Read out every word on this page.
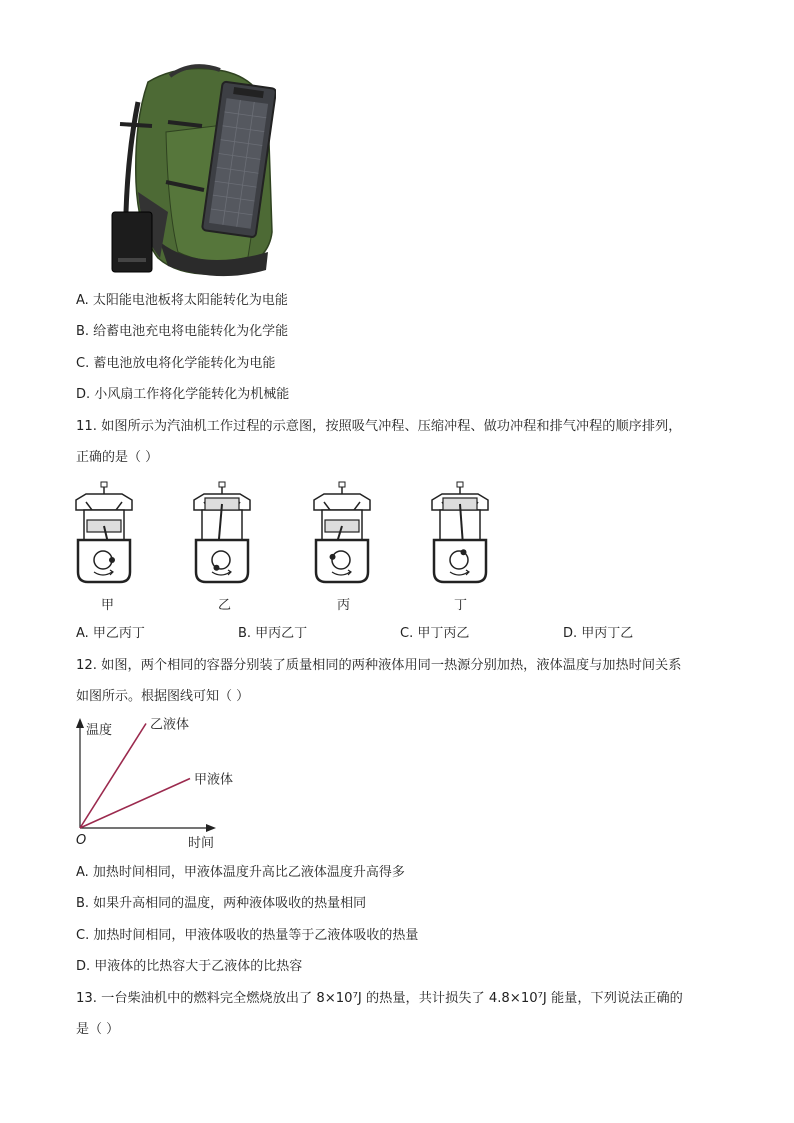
A. 太阳能电池板将太阳能转化为电能
B. 给蓄电池充电将电能转化为化学能
C. 蓄电池放电将化学能转化为电能
D. 小风扇工作将化学能转化为机械能
11. 如图所示为汽油机工作过程的示意图，按照吸气冲程、压缩冲程、做功冲程和排气冲程的顺序排列，
正确的是（ ）
甲	乙	丙	丁
A. 甲乙丙丁	B. 甲丙乙丁	C. 甲丁丙乙	D. 甲丙丁乙
12. 如图，两个相同的容器分别装了质量相同的两种液体用同一热源分别加热，液体温度与加热时间关系
如图所示。根据图线可知（ ）
温度
时间
O
乙液体
甲液体
A. 加热时间相同，甲液体温度升高比乙液体温度升高得多
B. 如果升高相同的温度，两种液体吸收的热量相同
C. 加热时间相同，甲液体吸收的热量等于乙液体吸收的热量
D. 甲液体的比热容大于乙液体的比热容
13. 一台柴油机中的燃料完全燃烧放出了 8×10⁷J 的热量，共计损失了 4.8×10⁷J 能量，下列说法正确的
是（ ）
